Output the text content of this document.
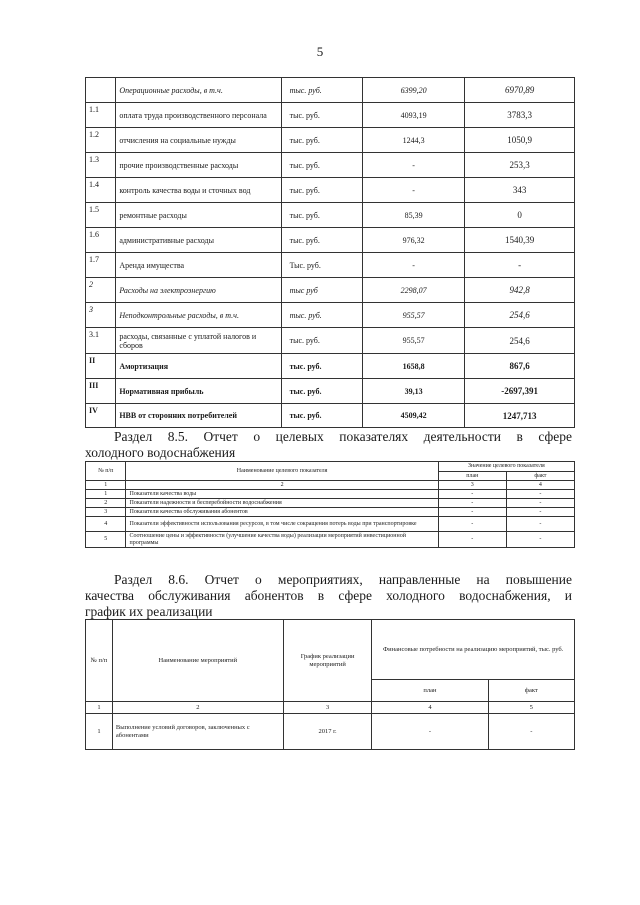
5
	Операционные расходы, в т.ч.	тыс. руб.	6399,20	6970,89
1.1	оплата труда производственного персонала	тыс. руб.	4093,19	3783,3
1.2	отчисления на социальные нужды	тыс. руб.	1244,3	1050,9
1.3	прочие производственные расходы	тыс. руб.	-	253,3
1.4	контроль качества воды и сточных вод	тыс. руб.	-	343
1.5	ремонтные расходы	тыс. руб.	85,39	0
1.6	административные расходы	тыс. руб.	976,32	1540,39
1.7	Аренда имущества	Тыс. руб.	-	-
2	Расходы на электроэнергию	тыс руб	2298,07	942,8
3	Неподконтрольные расходы, в т.ч.	тыс. руб.	955,57	254,6
3.1	расходы, связанные с уплатой налогов и сборов	тыс. руб.	955,57	254,6
II	Амортизация	тыс. руб.	1658,8	867,6
III	Нормативная прибыль	тыс. руб.	39,13	-2697,391
IV	НВВ от сторонних потребителей	тыс. руб.	4509,42	1247,713
Раздел 8.5. Отчет о целевых показателях деятельности в сфере
холодного водоснабжения
№ п/п	Наименование целевого показателя	Значение целевого показателя	
		план	факт
1	2	3	4
1	Показатели качества воды	-	-
2	Показатели надежности и бесперебойности водоснабжения	-	-
3	Показатели качества обслуживания абонентов	-	-
4	Показатели эффективности использования ресурсов, в том числе сокращения потерь воды при транспортировке	-	-
5	Соотношение цены и эффективности (улучшение качества воды) реализации мероприятий инвестиционной программы	-	-
Раздел 8.6. Отчет о мероприятиях, направленные на повышение
качества обслуживания абонентов в сфере холодного водоснабжения, и
график их реализации
№ п/п	Наименование мероприятий	График реализации мероприятий	Финансовые потребности на реализацию мероприятий, тыс. руб.	
			план	факт
1	2	3	4	5
1	Выполнение условий договоров, заключенных с абонентами	2017 г.	-	-
